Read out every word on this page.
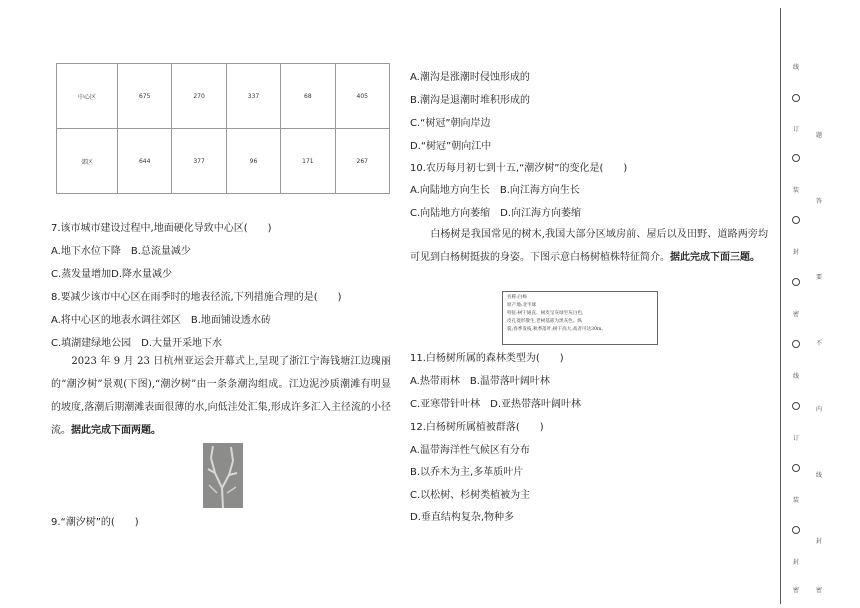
中心区	675	270	337	68	405
郊区	644	377	96	171	267
7.该市城市建设过程中,地面硬化导致中心区(　　)
A.地下水位下降　B.总流量减少
C.蒸发量增加D.降水量减少
8.要减少该市中心区在雨季时的地表径流,下列措施合理的是(　　)
A.将中心区的地表水调往郊区　B.地面铺设透水砖
C.填湖建绿地公园　D.大量开采地下水
　　2023 年 9 月 23 日杭州亚运会开幕式上,呈现了浙江宁海钱塘江边瑰丽的“潮汐树”景观(下图),“潮汐树”由一条条潮沟组成。江边泥沙质潮滩有明显的坡度,落潮后期潮滩表面很薄的水,向低洼处汇集,形成许多汇入主径流的小径流。据此完成下面两题。
9.“潮汐树”的(　　)
A.潮沟是涨潮时侵蚀形成的
B.潮沟是退潮时堆积形成的
C.“树冠”朝向岸边
D.“树冠”朝向江中
10.农历每月初七到十五,“潮汐树”的变化是(　　)
A.向陆地方向生长　B.向江海方向生长
C.向陆地方向萎缩　D.向江海方向萎缩
　　白杨树是我国常见的树木,我国大部分区域房前、屋后以及田野、道路两旁均可见到白杨树挺拔的身姿。下图示意白杨树植株特征简介。据此完成下面三题。
名称:白杨
原产地:北半球
特征:树干通直、树皮呈灰绿至灰白色,
皮孔菱形散生,老树基部为黑灰色。纵
裂;春季发枝,秋季落叶;树干高大,高者可达30m。
11.白杨树所属的森林类型为(　　)
A.热带雨林　B.温带落叶阔叶林
C.亚寒带针叶林　D.亚热带落叶阔叶林
12.白杨树所属植被群落(　　)
A.温带海洋性气候区有分布
B.以乔木为主,多革质叶片
C.以松树、杉树类植被为主
D.垂直结构复杂,物种多
线
订
装
封
密
线
订
装
封
密
题
答
要
不
内
线
封
密
